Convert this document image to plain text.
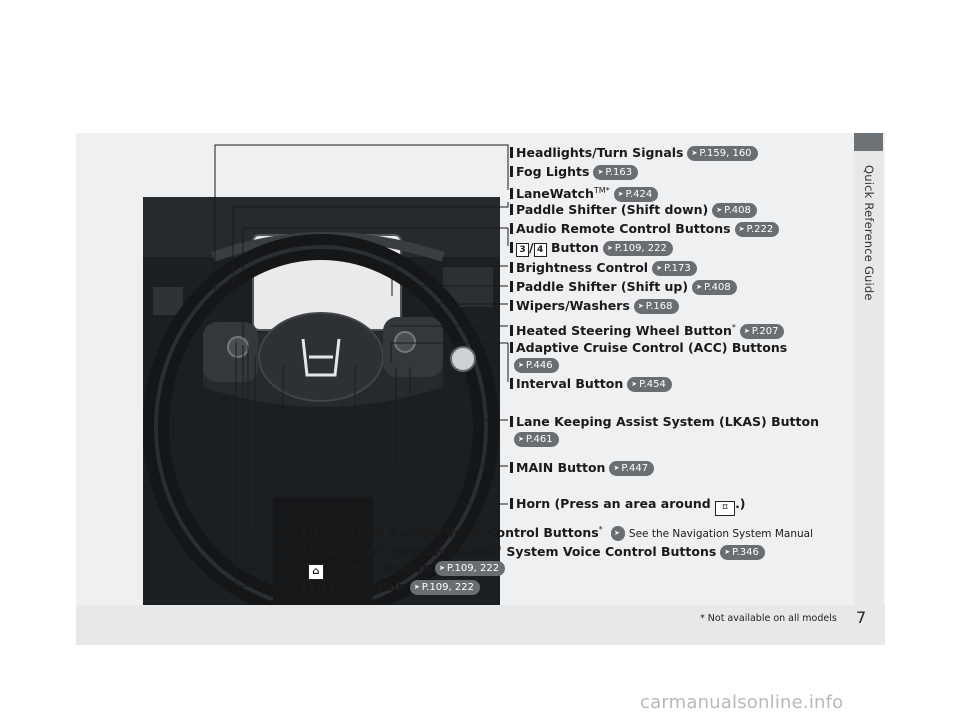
Quick Reference Guide
7
* Not available on all models
Headlights/Turn Signals ➤ P.159, 160
Fog Lights ➤ P.163
LaneWatch$^{TM*}$ ➤ P.424
Paddle Shifter (Shift down) ➤ P.408
Audio Remote Control Buttons ➤ P.222
3 / 4 Button ➤ P.109, 222
Brightness Control ➤ P.173
Paddle Shifter (Shift up) ➤ P.408
Wipers/Washers ➤ P.168
Heated Steering Wheel Button* ➤ P.207
Adaptive Cruise Control (ACC) Buttons
➤ P.446
Interval Button ➤ P.454
Lane Keeping Assist System (LKAS) Button
➤ P.461
MAIN Button ➤ P.447
Horn (Press an area around ⌑ .)
Navigation System Voice Control Buttons* ➤ See the Navigation System Manual
Bluetooth® HandsFreeLink® System Voice Control Buttons ➤ P.346
⌂ (home) Button ➤ P.109, 222
ENTER Button ➤ P.109, 222
carmanualsonline.info
